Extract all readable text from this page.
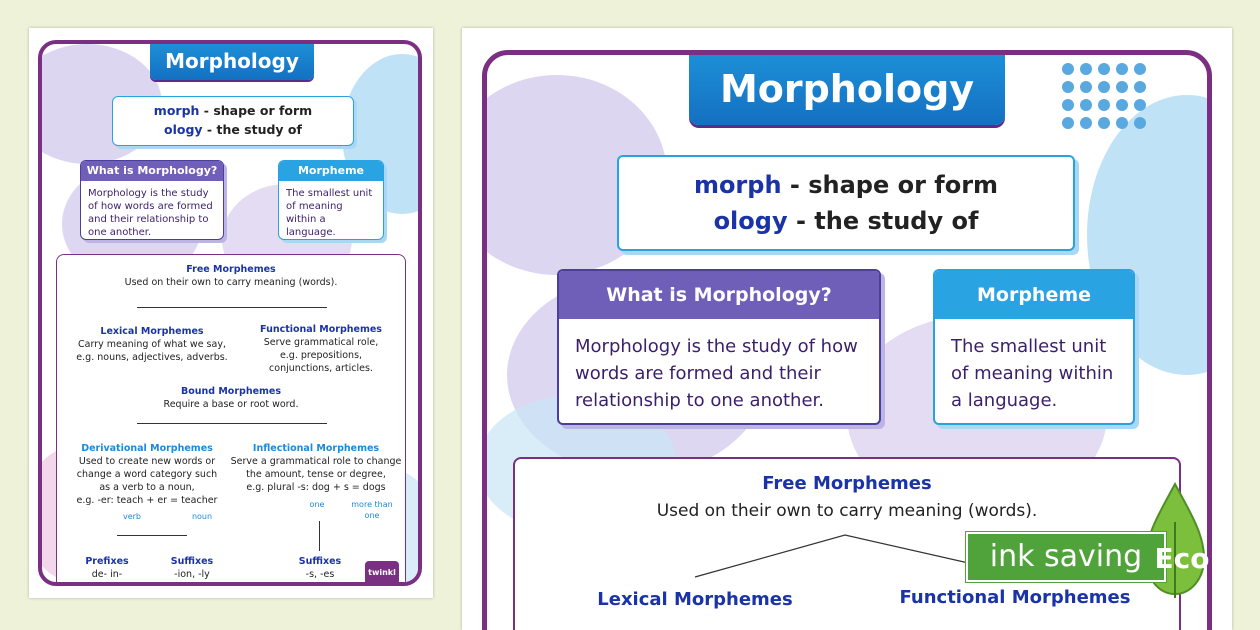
Morphology
morph - shape or form
ology - the study of
What is Morphology?
Morphology is the study of how words are formed and their relationship to one another.
Morpheme
The smallest unit of meaning within a language.
Free Morphemes
Used on their own to carry meaning (words).
Lexical Morphemes
Carry meaning of what we say,
e.g. nouns, adjectives, adverbs.
Functional Morphemes
Serve grammatical role,
e.g. prepositions,
conjunctions, articles.
Bound Morphemes
Require a base or root word.
Derivational Morphemes
Used to create new words or
change a word category such
as a verb to a noun,
e.g. -er: teach + er = teacher
verb	noun
Inflectional Morphemes
Serve a grammatical role to change
the amount, tense or degree,
e.g. plural -s: dog + s = dogs
one	more than
one
Prefixes
de- in-
Suffixes
-ion, -ly
Suffixes
-s, -es	twinkl
Morphology
morph - shape or form
ology - the study of
What is Morphology?
Morphology is the study of how words are formed and their relationship to one another.
Morpheme
The smallest unit of meaning within a language.
Free Morphemes
Used on their own to carry meaning (words).
Lexical Morphemes	Functional Morphemes
ink saving Eco
